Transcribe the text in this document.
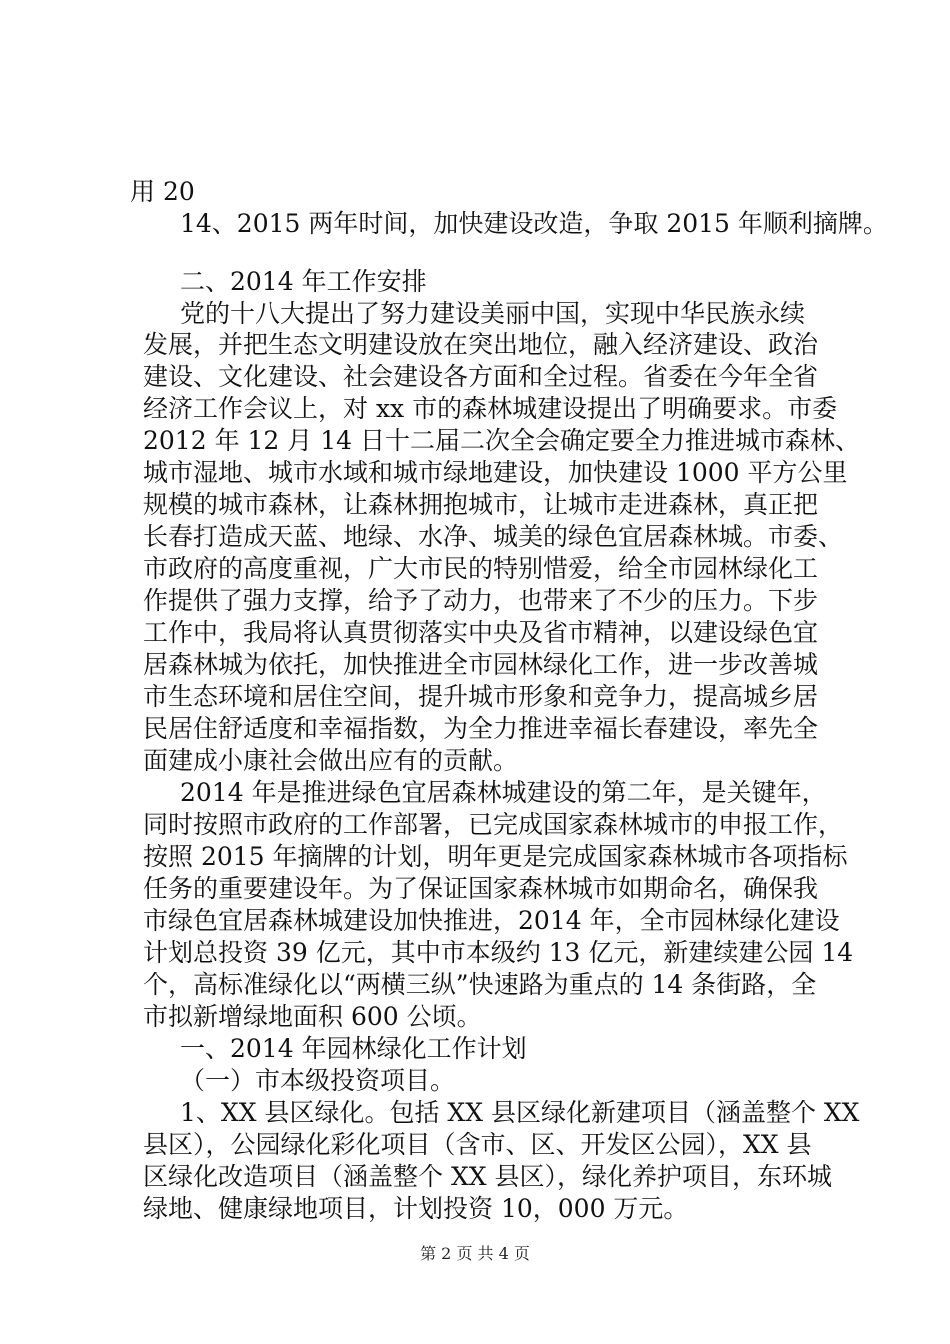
用 20
14、2015 两年时间，加快建设改造，争取 2015 年顺利摘牌。
二、2014 年工作安排
党的十八大提出了努力建设美丽中国，实现中华民族永续
发展，并把生态文明建设放在突出地位，融入经济建设、政治
建设、文化建设、社会建设各方面和全过程。省委在今年全省
经济工作会议上，对 xx 市的森林城建设提出了明确要求。市委
2012 年 12 月 14 日十二届二次全会确定要全力推进城市森林、
城市湿地、城市水域和城市绿地建设，加快建设 1000 平方公里
规模的城市森林，让森林拥抱城市，让城市走进森林，真正把
长春打造成天蓝、地绿、水净、城美的绿色宜居森林城。市委、
市政府的高度重视，广大市民的特别惜爱，给全市园林绿化工
作提供了强力支撑，给予了动力，也带来了不少的压力。下步
工作中，我局将认真贯彻落实中央及省市精神，以建设绿色宜
居森林城为依托，加快推进全市园林绿化工作，进一步改善城
市生态环境和居住空间，提升城市形象和竞争力，提高城乡居
民居住舒适度和幸福指数，为全力推进幸福长春建设，率先全
面建成小康社会做出应有的贡献。
2014 年是推进绿色宜居森林城建设的第二年，是关键年，
同时按照市政府的工作部署，已完成国家森林城市的申报工作，
按照 2015 年摘牌的计划，明年更是完成国家森林城市各项指标
任务的重要建设年。为了保证国家森林城市如期命名，确保我
市绿色宜居森林城建设加快推进，2014 年，全市园林绿化建设
计划总投资 39 亿元，其中市本级约 13 亿元，新建续建公园 14
个，高标准绿化以“两横三纵”快速路为重点的 14 条街路，全
市拟新增绿地面积 600 公顷。
一、2014 年园林绿化工作计划
（一）市本级投资项目。
1、XX 县区绿化。包括 XX 县区绿化新建项目（涵盖整个 XX
县区），公园绿化彩化项目（含市、区、开发区公园），XX 县
区绿化改造项目（涵盖整个 XX 县区），绿化养护项目，东环城
绿地、健康绿地项目，计划投资 10，000 万元。
第 2 页 共 4 页
